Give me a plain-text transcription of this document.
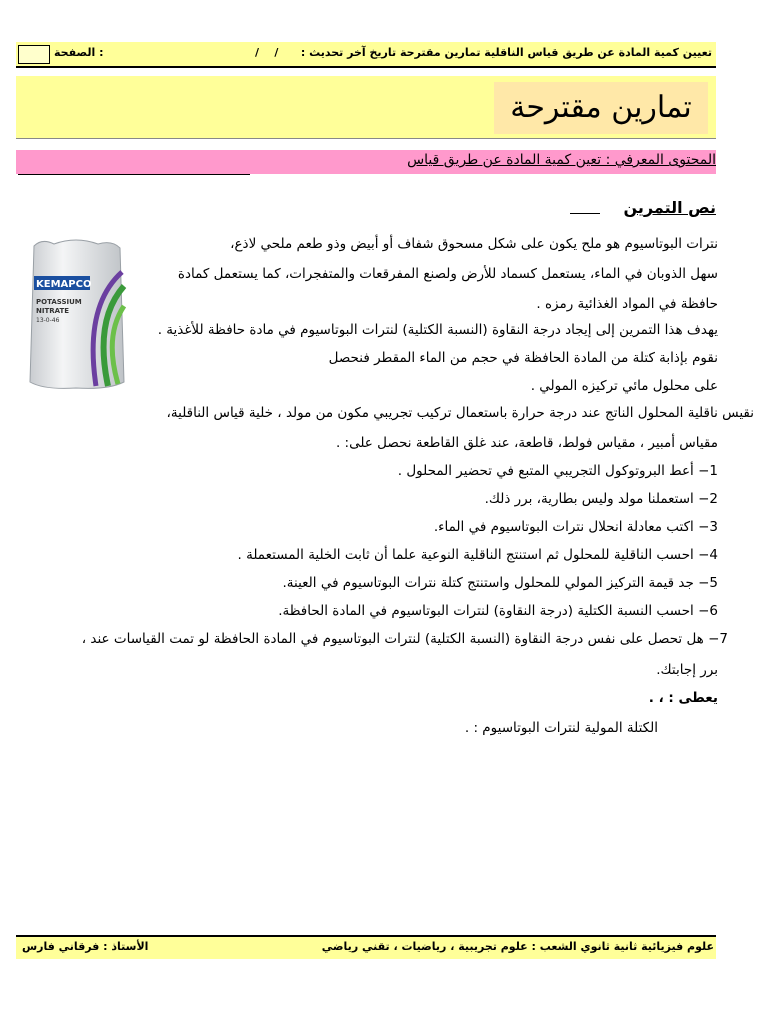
الصفحة :	/    / تعيين كمية المادة عن طريق قياس الناقلية تمارين مقترحة تاريخ آخر تحديث :
تمارين مقترحة
المحتوى المعرفي : تعين كمية المادة عن طريق قياس
نص التمرين
KEMAPCO
POTASSIUM
NITRATE
13-0-46
نترات البوتاسيوم هو ملح يكون على شكل مسحوق شفاف أو أبيض وذو طعم ملحي لاذع،
سهل الذوبان في الماء، يستعمل كسماد للأرض ولصنع المفرقعات والمتفجرات، كما يستعمل كمادة
حافظة في المواد الغذائية رمزه .
يهدف هذا التمرين إلى إيجاد درجة النقاوة (النسبة الكتلية) لنترات البوتاسيوم في مادة حافظة للأغذية .
نقوم بإذابة كتلة من المادة الحافظة في حجم من الماء المقطر فنحصل
على محلول مائي تركيزه المولي .
نقيس ناقلية المحلول الناتج عند درجة حرارة باستعمال تركيب تجريبي مكون من مولد ، خلية قياس الناقلية،
مقياس أمبير ، مقياس فولط، قاطعة، عند غلق القاطعة نحصل على: .
1− أعط البروتوكول التجريبي المتبع في تحضير المحلول .
2− استعملنا مولد وليس بطارية، برر ذلك.
3− اكتب معادلة انحلال نترات البوتاسيوم في الماء.
4− احسب الناقلية للمحلول ثم استنتج الناقلية النوعية علما أن ثابت الخلية المستعملة .
5− جد قيمة التركيز المولي للمحلول واستنتج كتلة نترات البوتاسيوم في العينة.
6− احسب النسبة الكتلية (درجة النقاوة) لنترات البوتاسيوم في المادة الحافظة.
7− هل تحصل على نفس درجة النقاوة (النسبة الكتلية) لنترات البوتاسيوم في المادة الحافظة لو تمت القياسات عند ،
برر إجابتك.
يعطى : ، .
الكتلة المولية لنترات البوتاسيوم : .
علوم فيزيائية ثانية ثانوي الشعب : علوم تجريبية ، رياضيات ، تقني رياضي
الأستاذ : فرقاني فارس
